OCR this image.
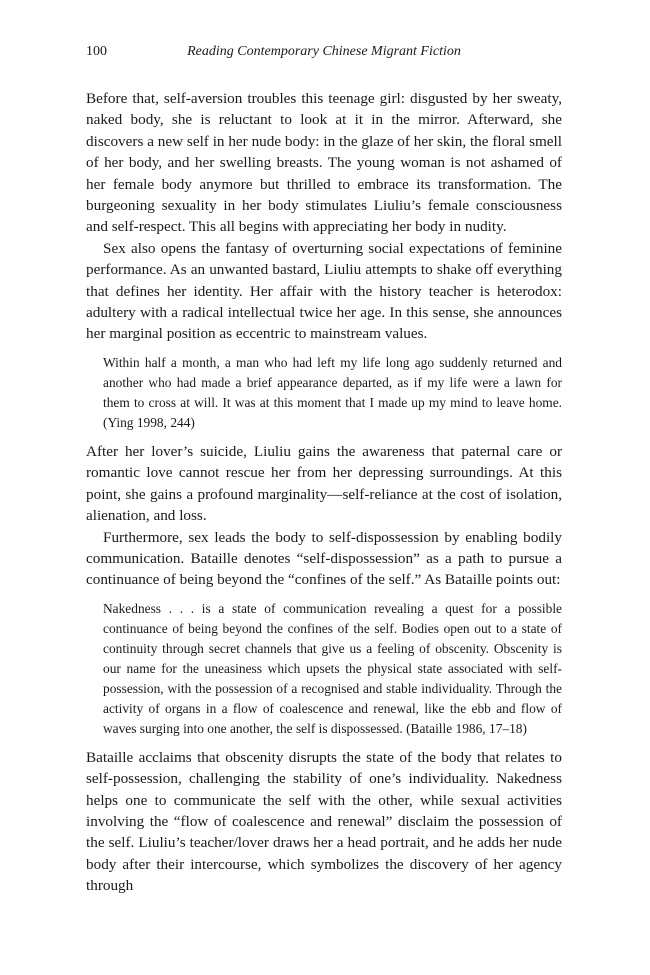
100	Reading Contemporary Chinese Migrant Fiction

Before that, self-aversion troubles this teenage girl: disgusted by her sweaty, naked body, she is reluctant to look at it in the mirror. Afterward, she discovers a new self in her nude body: in the glaze of her skin, the floral smell of her body, and her swelling breasts. The young woman is not ashamed of her female body anymore but thrilled to embrace its transformation. The burgeoning sexuality in her body stimulates Liuliu’s female consciousness and self-respect. This all begins with appreciating her body in nudity.

Sex also opens the fantasy of overturning social expectations of feminine performance. As an unwanted bastard, Liuliu attempts to shake off everything that defines her identity. Her affair with the history teacher is heterodox: adultery with a radical intellectual twice her age. In this sense, she announces her marginal position as eccentric to mainstream values.

Within half a month, a man who had left my life long ago suddenly returned and another who had made a brief appearance departed, as if my life were a lawn for them to cross at will. It was at this moment that I made up my mind to leave home. (Ying 1998, 244)

After her lover’s suicide, Liuliu gains the awareness that paternal care or romantic love cannot rescue her from her depressing surroundings. At this point, she gains a profound marginality—self-reliance at the cost of isolation, alienation, and loss.

Furthermore, sex leads the body to self-dispossession by enabling bodily communication. Bataille denotes “self-dispossession” as a path to pursue a continuance of being beyond the “confines of the self.” As Bataille points out:

Nakedness . . . is a state of communication revealing a quest for a possible continuance of being beyond the confines of the self. Bodies open out to a state of continuity through secret channels that give us a feeling of obscenity. Obscenity is our name for the uneasiness which upsets the physical state associated with self-possession, with the possession of a recognised and stable individuality. Through the activity of organs in a flow of coalescence and renewal, like the ebb and flow of waves surging into one another, the self is dispossessed. (Bataille 1986, 17–18)

Bataille acclaims that obscenity disrupts the state of the body that relates to self-possession, challenging the stability of one’s individuality. Nakedness helps one to communicate the self with the other, while sexual activities involving the “flow of coalescence and renewal” disclaim the possession of the self. Liuliu’s teacher/lover draws her a head portrait, and he adds her nude body after their intercourse, which symbolizes the discovery of her agency through
